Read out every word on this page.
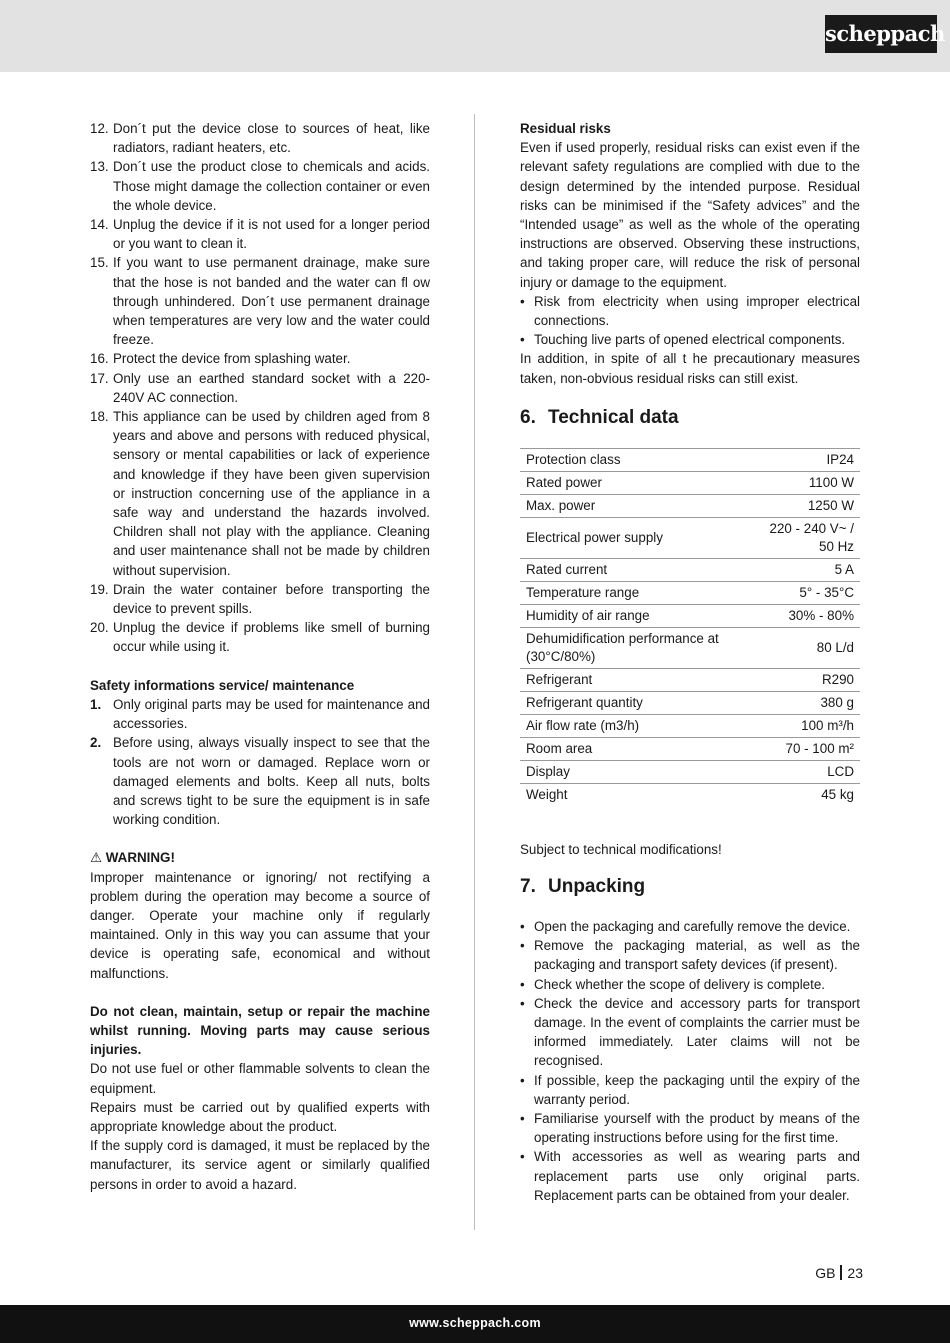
scheppach
12. Don´t put the device close to sources of heat, like radiators, radiant heaters, etc.
13. Don´t use the product close to chemicals and acids. Those might damage the collection container or even the whole device.
14. Unplug the device if it is not used for a longer period or you want to clean it.
15. If you want to use permanent drainage, make sure that the hose is not banded and the water can fl ow through unhindered. Don´t use permanent drainage when temperatures are very low and the water could freeze.
16. Protect the device from splashing water.
17. Only use an earthed standard socket with a 220-240V AC connection.
18. This appliance can be used by children aged from 8 years and above and persons with reduced physical, sensory or mental capabilities or lack of experience and knowledge if they have been given supervision or instruction concerning use of the appliance in a safe way and understand the hazards involved. Children shall not play with the appliance. Cleaning and user maintenance shall not be made by children without supervision.
19. Drain the water container before transporting the device to prevent spills.
20. Unplug the device if problems like smell of burning occur while using it.
Safety informations service/ maintenance
1. Only original parts may be used for maintenance and accessories.
2. Before using, always visually inspect to see that the tools are not worn or damaged. Replace worn or damaged elements and bolts. Keep all nuts, bolts and screws tight to be sure the equipment is in safe working condition.
⚠ WARNING!

Improper maintenance or ignoring/ not rectifying a problem during the operation may become a source of danger. Operate your machine only if regularly maintained. Only in this way you can assume that your device is operating safe, economical and without malfunctions.

Do not clean, maintain, setup or repair the machine whilst running. Moving parts may cause serious injuries.

Do not use fuel or other flammable solvents to clean the equipment.

Repairs must be carried out by qualified experts with appropriate knowledge about the product.

If the supply cord is damaged, it must be replaced by the manufacturer, its service agent or similarly qualified persons in order to avoid a hazard.

Residual risks

Even if used properly, residual risks can exist even if the relevant safety regulations are complied with due to the design determined by the intended purpose. Residual risks can be minimised if the “Safety advices” and the “Intended usage” as well as the whole of the operating instructions are observed. Observing these instructions, and taking proper care, will reduce the risk of personal injury or damage to the equipment.

• Risk from electricity when using improper electrical connections.
• Touching live parts of opened electrical components.

In addition, in spite of all t he precautionary measures taken, non-obvious residual risks can still exist.

6. Technical data
Protection class	IP24
Rated power	1100 W
Max. power	1250 W
Electrical power supply	220 - 240 V~ / 50 Hz
Rated current	5 A
Temperature range	5° - 35°C
Humidity of air range	30% - 80%
Dehumidification performance at (30°C/80%)	80 L/d
Refrigerant	R290
Refrigerant quantity	380 g
Air flow rate (m3/h)	100 m³/h
Room area	70 - 100 m²
Display	LCD
Weight	45 kg

Subject to technical modifications!

7. Unpacking
• Open the packaging and carefully remove the device.
• Remove the packaging material, as well as the packaging and transport safety devices (if present).
• Check whether the scope of delivery is complete.
• Check the device and accessory parts for transport damage. In the event of complaints the carrier must be informed immediately. Later claims will not be recognised.
• If possible, keep the packaging until the expiry of the warranty period.
• Familiarise yourself with the product by means of the operating instructions before using for the first time.
• With accessories as well as wearing parts and replacement parts use only original parts. Replacement parts can be obtained from your dealer.
GB 23
www.scheppach.com
